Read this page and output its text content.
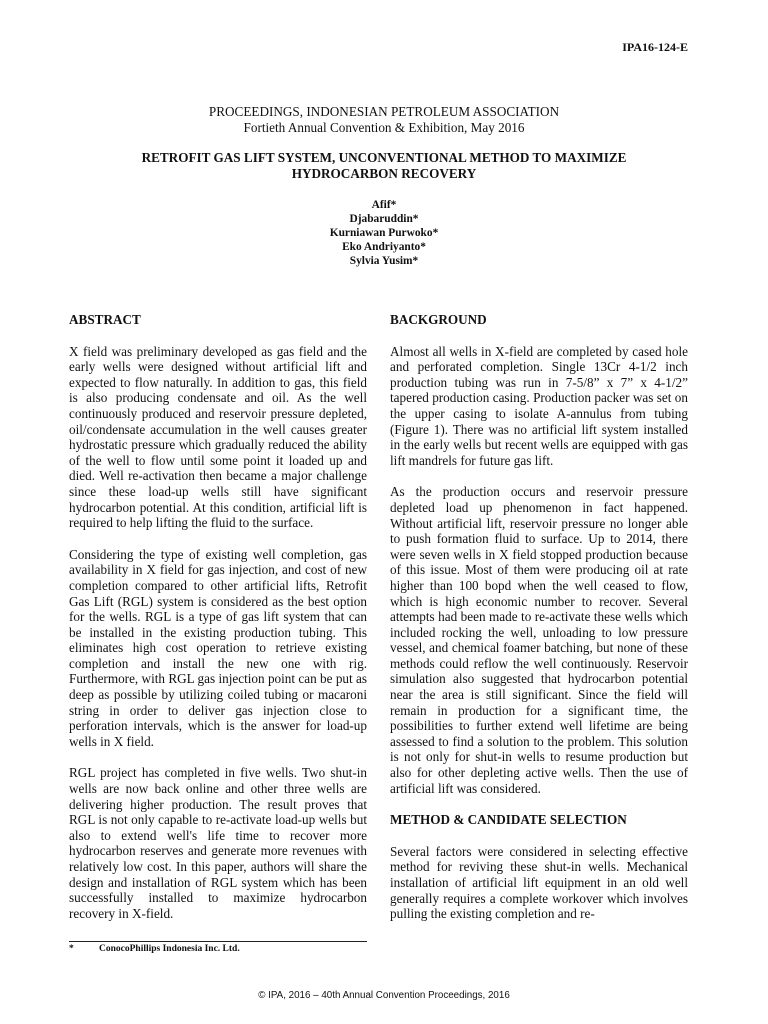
IPA16-124-E
PROCEEDINGS, INDONESIAN PETROLEUM ASSOCIATION
Fortieth Annual Convention & Exhibition, May 2016
RETROFIT GAS LIFT SYSTEM, UNCONVENTIONAL METHOD TO MAXIMIZE
HYDROCARBON RECOVERY
Afif*
Djabaruddin*
Kurniawan Purwoko*
Eko Andriyanto*
Sylvia Yusim*
ABSTRACT

X field was preliminary developed as gas field and the early wells were designed without artificial lift and expected to flow naturally. In addition to gas, this field is also producing condensate and oil. As the well continuously produced and reservoir pressure depleted, oil/condensate accumulation in the well causes greater hydrostatic pressure which gradually reduced the ability of the well to flow until some point it loaded up and died. Well re-activation then became a major challenge since these load-up wells still have significant hydrocarbon potential. At this condition, artificial lift is required to help lifting the fluid to the surface.

Considering the type of existing well completion, gas availability in X field for gas injection, and cost of new completion compared to other artificial lifts, Retrofit Gas Lift (RGL) system is considered as the best option for the wells. RGL is a type of gas lift system that can be installed in the existing production tubing. This eliminates high cost operation to retrieve existing completion and install the new one with rig. Furthermore, with RGL gas injection point can be put as deep as possible by utilizing coiled tubing or macaroni string in order to deliver gas injection close to perforation intervals, which is the answer for load-up wells in X field.

RGL project has completed in five wells. Two shut-in wells are now back online and other three wells are delivering higher production. The result proves that RGL is not only capable to re-activate load-up wells but also to extend well's life time to recover more hydrocarbon reserves and generate more revenues with relatively low cost. In this paper, authors will share the design and installation of RGL system which has been successfully installed to maximize hydrocarbon recovery in X-field.

BACKGROUND

Almost all wells in X-field are completed by cased hole and perforated completion. Single 13Cr 4-1/2 inch production tubing was run in 7-5/8” x 7” x 4-1/2” tapered production casing. Production packer was set on the upper casing to isolate A-annulus from tubing (Figure 1). There was no artificial lift system installed in the early wells but recent wells are equipped with gas lift mandrels for future gas lift.

As the production occurs and reservoir pressure depleted load up phenomenon in fact happened. Without artificial lift, reservoir pressure no longer able to push formation fluid to surface. Up to 2014, there were seven wells in X field stopped production because of this issue. Most of them were producing oil at rate higher than 100 bopd when the well ceased to flow, which is high economic number to recover. Several attempts had been made to re-activate these wells which included rocking the well, unloading to low pressure vessel, and chemical foamer batching, but none of these methods could reflow the well continuously. Reservoir simulation also suggested that hydrocarbon potential near the area is still significant. Since the field will remain in production for a significant time, the possibilities to further extend well lifetime are being assessed to find a solution to the problem. This solution is not only for shut-in wells to resume production but also for other depleting active wells. Then the use of artificial lift was considered.

METHOD & CANDIDATE SELECTION

Several factors were considered in selecting effective method for reviving these shut-in wells. Mechanical installation of artificial lift equipment in an old well generally requires a complete workover which involves pulling the existing completion and re-

*	ConocoPhillips Indonesia Inc. Ltd.
© IPA, 2016 – 40th Annual Convention Proceedings, 2016
